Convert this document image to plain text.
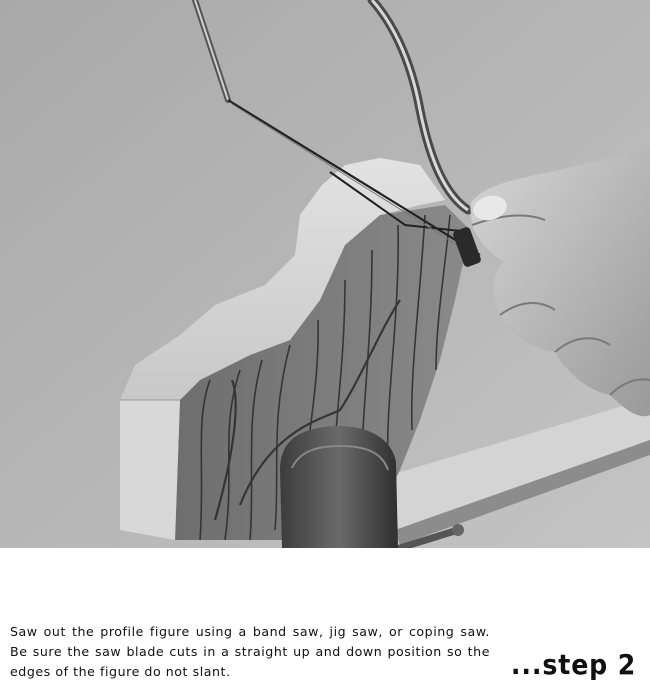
Saw out the profile figure using a band saw, jig saw, or coping saw. Be sure the saw blade cuts in a straight up and down position so the edges of the figure do not slant.	...step 2
